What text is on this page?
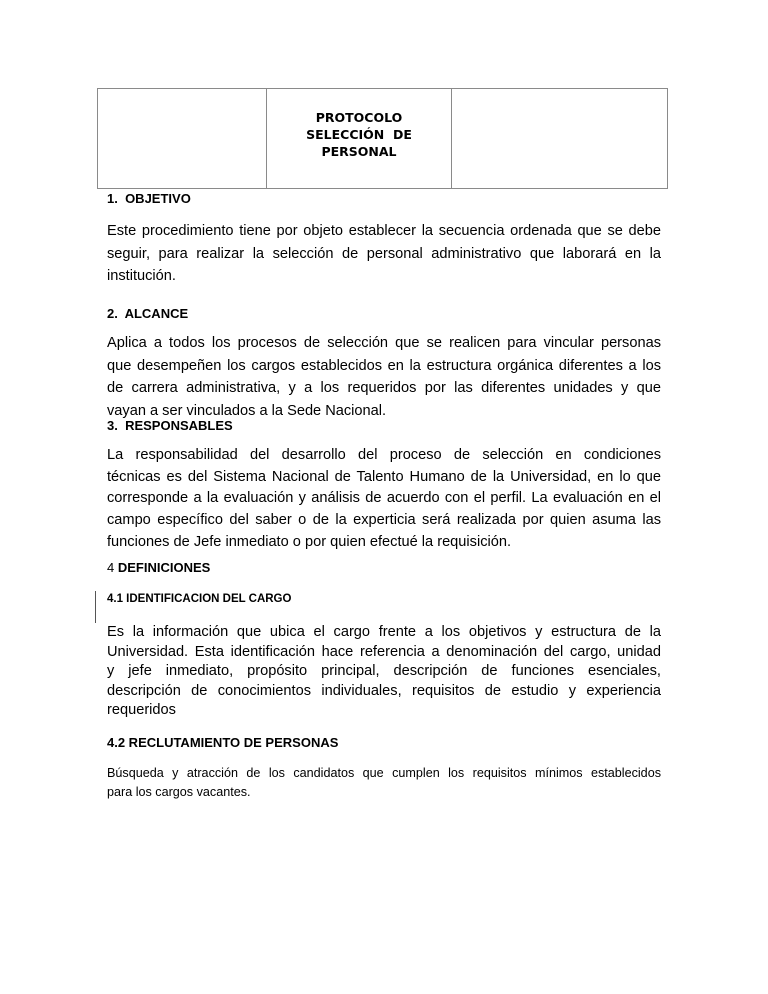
PROTOCOLO
SELECCIÓN  DE
PERSONAL
1.  OBJETIVO
Este procedimiento tiene por objeto establecer la secuencia ordenada que se debe
seguir, para realizar la selección de personal administrativo que laborará en la
institución.
2.  ALCANCE
Aplica a todos los procesos de selección que se realicen para vincular personas
que desempeñen los cargos establecidos en la estructura orgánica diferentes a los
de carrera administrativa, y a los requeridos por las diferentes unidades y que
vayan a ser vinculados a la Sede Nacional.
3.  RESPONSABLES
La responsabilidad del desarrollo del proceso de selección en condiciones
técnicas es del Sistema Nacional de Talento Humano de la Universidad, en lo que
corresponde a la evaluación y análisis de acuerdo con el perfil. La evaluación en el
campo específico del saber o de la experticia será realizada por quien asuma las
funciones de Jefe inmediato o por quien efectué la requisición.
4 DEFINICIONES
4.1 IDENTIFICACION DEL CARGO
Es la información que ubica el cargo frente a los objetivos y estructura de la
Universidad. Esta identificación hace referencia a denominación del cargo, unidad
y jefe inmediato, propósito principal, descripción de funciones esenciales,
descripción de conocimientos individuales, requisitos de estudio y experiencia
requeridos
4.2 RECLUTAMIENTO DE PERSONAS
Búsqueda y atracción de los candidatos que cumplen los requisitos mínimos establecidos
para los cargos vacantes.
